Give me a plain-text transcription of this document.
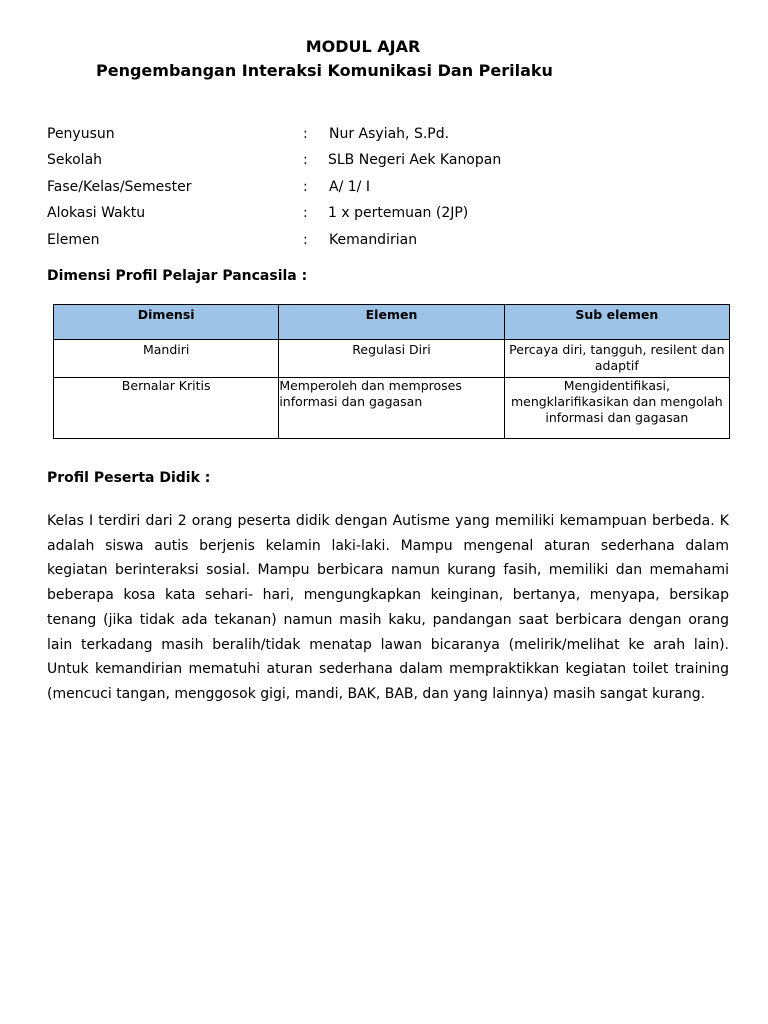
MODUL AJAR
Pengembangan Interaksi Komunikasi Dan Perilaku
Penyusun	: Nur Asyiah, S.Pd.
Sekolah	: SLB Negeri Aek Kanopan
Fase/Kelas/Semester	: A/ 1/ I
Alokasi Waktu	: 1 x pertemuan (2JP)
Elemen	: Kemandirian
Dimensi Profil Pelajar Pancasila :
Dimensi	Elemen	Sub elemen
Mandiri	Regulasi Diri	Percaya diri, tangguh, resilent dan adaptif
Bernalar Kritis	Memperoleh dan memproses informasi dan gagasan	Mengidentifikasi, mengklarifikasikan dan mengolah informasi dan gagasan
Profil Peserta Didik :
Kelas I terdiri dari 2 orang peserta didik dengan Autisme yang memiliki kemampuan berbeda. K adalah siswa autis berjenis kelamin laki-laki. Mampu mengenal aturan sederhana dalam kegiatan berinteraksi sosial. Mampu berbicara namun kurang fasih, memiliki dan memahami beberapa kosa kata sehari- hari, mengungkapkan keinginan, bertanya, menyapa, bersikap tenang (jika tidak ada tekanan) namun masih kaku, pandangan saat berbicara dengan orang lain terkadang masih beralih/tidak menatap lawan bicaranya (melirik/melihat ke arah lain). Untuk kemandirian mematuhi aturan sederhana dalam mempraktikkan kegiatan toilet training (mencuci tangan, menggosok gigi, mandi, BAK, BAB, dan yang lainnya) masih sangat kurang.
